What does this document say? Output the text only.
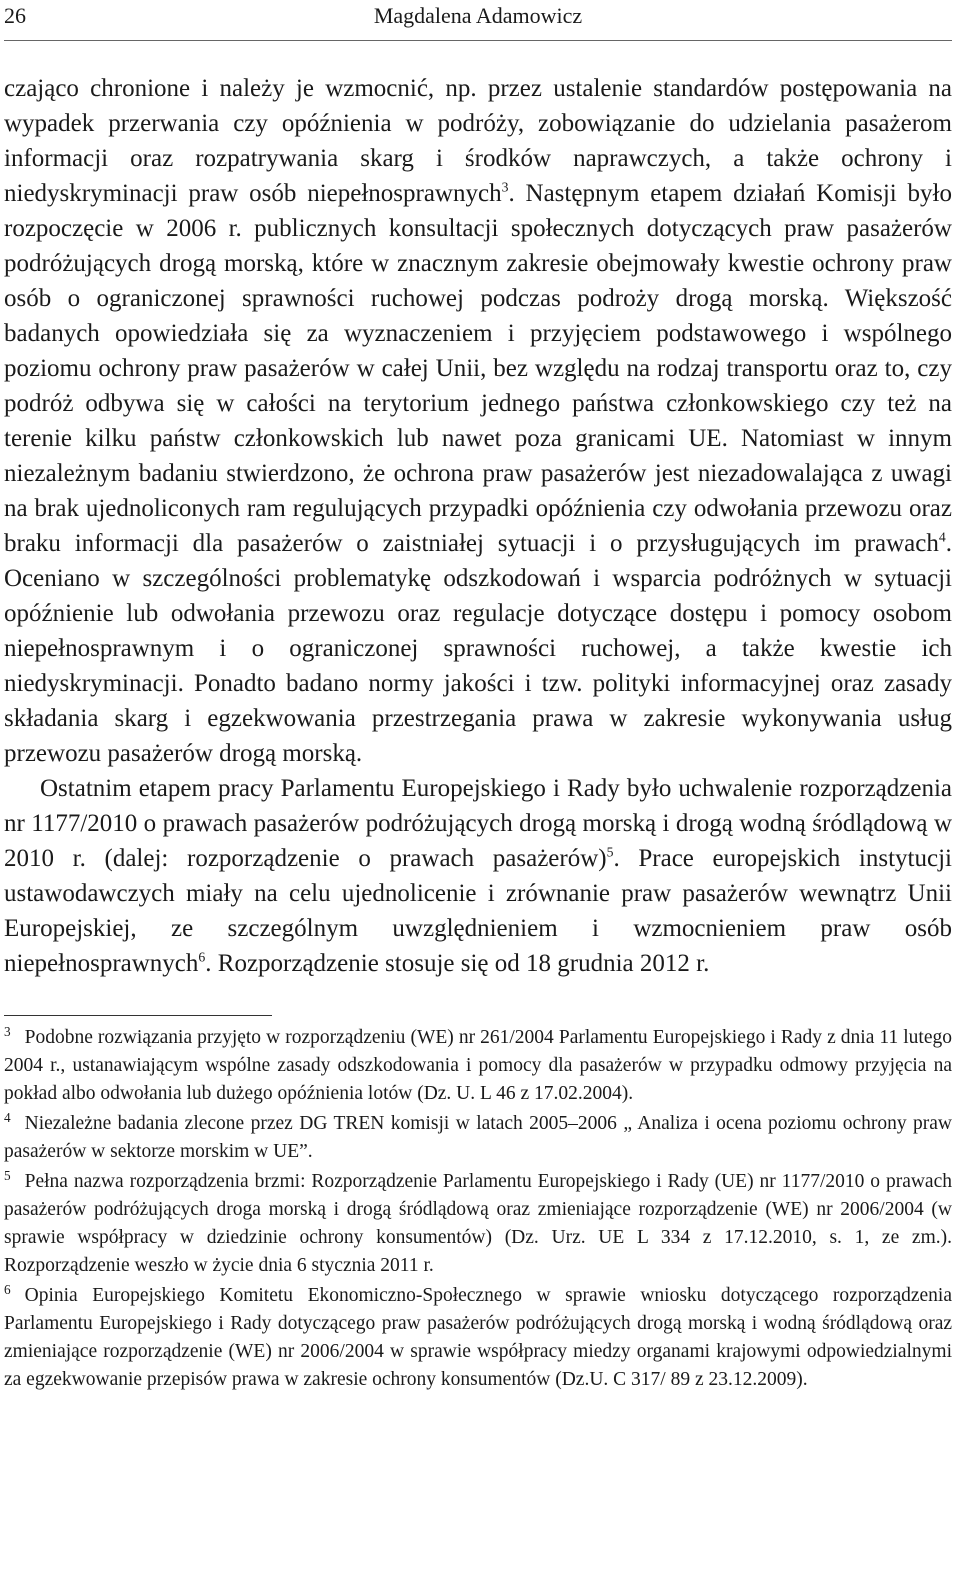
26	Magdalena Adamowicz

czająco chronione i należy je wzmocnić, np. przez ustalenie standardów postępowania na wypadek przerwania czy opóźnienia w podróży, zobowiązanie do udzielania pasażerom informacji oraz rozpatrywania skarg i środków naprawczych, a także ochrony i niedyskryminacji praw osób niepełnosprawnych$^3$. Następnym etapem działań Komisji było rozpoczęcie w 2006 r. publicznych konsultacji społecznych dotyczących praw pasażerów podróżujących drogą morską, które w znacznym zakresie obejmowały kwestie ochrony praw osób o ograniczonej sprawności ruchowej podczas podroży drogą morską. Większość badanych opowiedziała się za wyznaczeniem i przyjęciem podstawowego i wspólnego poziomu ochrony praw pasażerów w całej Unii, bez względu na rodzaj transportu oraz to, czy podróż odbywa się w całości na terytorium jednego państwa członkowskiego czy też na terenie kilku państw członkowskich lub nawet poza granicami UE. Natomiast w innym niezależnym badaniu stwierdzono, że ochrona praw pasażerów jest niezadowalająca z uwagi na brak ujednoliconych ram regulujących przypadki opóźnienia czy odwołania przewozu oraz braku informacji dla pasażerów o zaistniałej sytuacji i o przysługujących im prawach$^4$. Oceniano w szczególności problematykę odszkodowań i wsparcia podróżnych w sytuacji opóźnienie lub odwołania przewozu oraz regulacje dotyczące dostępu i pomocy osobom niepełnosprawnym i o ograniczonej sprawności ruchowej, a także kwestie ich niedyskryminacji. Ponadto badano normy jakości i tzw. polityki informacyjnej oraz zasady składania skarg i egzekwowania przestrzegania prawa w zakresie wykonywania usług przewozu pasażerów drogą morską.

Ostatnim etapem pracy Parlamentu Europejskiego i Rady było uchwalenie rozporządzenia nr 1177/2010 o prawach pasażerów podróżujących drogą morską i drogą wodną śródlądową w 2010 r. (dalej: rozporządzenie o prawach pasażerów)$^5$. Prace europejskich instytucji ustawodawczych miały na celu ujednolicenie i zrównanie praw pasażerów wewnątrz Unii Europejskiej, ze szczególnym uwzględnieniem i wzmocnieniem praw osób niepełnosprawnych$^6$. Rozporządzenie stosuje się od 18 grudnia 2012 r.

$^3$ Podobne rozwiązania przyjęto w rozporządzeniu (WE) nr 261/2004 Parlamentu Europejskiego i Rady z dnia 11 lutego 2004 r., ustanawiającym wspólne zasady odszkodowania i pomocy dla pasażerów w przypadku odmowy przyjęcia na pokład albo odwołania lub dużego opóźnienia lotów (Dz. U. L 46 z 17.02.2004).

$^4$ Niezależne badania zlecone przez DG TREN komisji w latach 2005–2006 „ Analiza i ocena poziomu ochrony praw pasażerów w sektorze morskim w UE”.

$^5$ Pełna nazwa rozporządzenia brzmi: Rozporządzenie Parlamentu Europejskiego i Rady (UE) nr 1177/2010 o prawach pasażerów podróżujących droga morską i drogą śródlądową oraz zmieniające rozporządzenie (WE) nr 2006/2004 (w sprawie współpracy w dziedzinie ochrony konsumentów) (Dz. Urz. UE L 334 z 17.12.2010, s. 1, ze zm.). Rozporządzenie weszło w życie dnia 6 stycznia 2011 r.

$^6$ Opinia Europejskiego Komitetu Ekonomiczno-Społecznego w sprawie wniosku dotyczącego rozporządzenia Parlamentu Europejskiego i Rady dotyczącego praw pasażerów podróżujących drogą morską i wodną śródlądową oraz zmieniające rozporządzenie (WE) nr 2006/2004 w sprawie współpracy miedzy organami krajowymi odpowiedzialnymi za egzekwowanie przepisów prawa w zakresie ochrony konsumentów (Dz.U. C 317/ 89 z 23.12.2009).
